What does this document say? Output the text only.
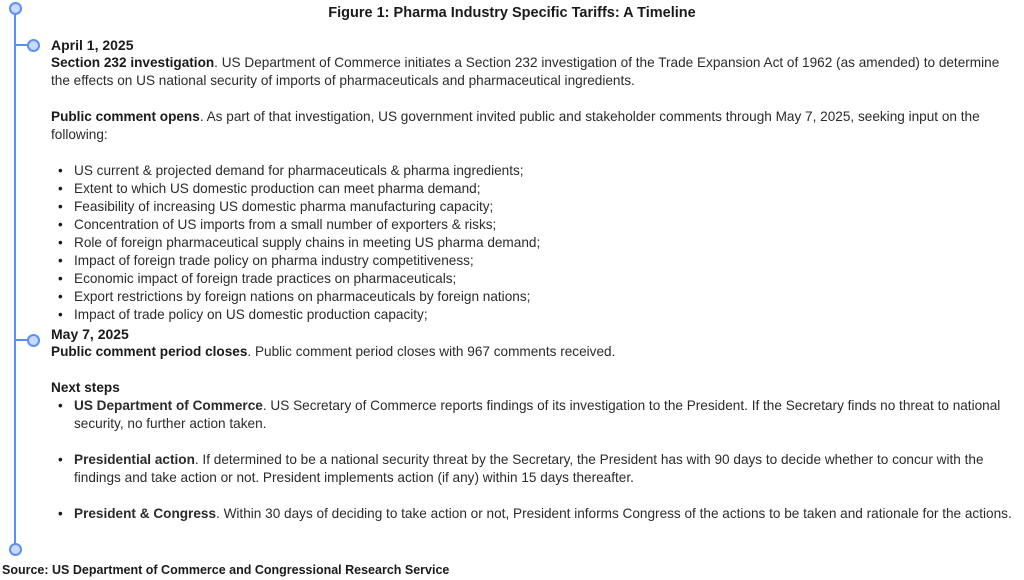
Figure 1: Pharma Industry Specific Tariffs: A Timeline
April 1, 2025

Section 232 investigation. US Department of Commerce initiates a Section 232 investigation of the Trade Expansion Act of 1962 (as amended) to determine the effects on US national security of imports of pharmaceuticals and pharmaceutical ingredients.

Public comment opens. As part of that investigation, US government invited public and stakeholder comments through May 7, 2025, seeking input on the following:

• US current & projected demand for pharmaceuticals & pharma ingredients;
• Extent to which US domestic production can meet pharma demand;
• Feasibility of increasing US domestic pharma manufacturing capacity;
• Concentration of US imports from a small number of exporters & risks;
• Role of foreign pharmaceutical supply chains in meeting US pharma demand;
• Impact of foreign trade policy on pharma industry competitiveness;
• Economic impact of foreign trade practices on pharmaceuticals;
• Export restrictions by foreign nations on pharmaceuticals by foreign nations;
• Impact of trade policy on US domestic production capacity;
May 7, 2025

Public comment period closes. Public comment period closes with 967 comments received.

Next steps
• US Department of Commerce. US Secretary of Commerce reports findings of its investigation to the President. If the Secretary finds no threat to national security, no further action taken.
• Presidential action. If determined to be a national security threat by the Secretary, the President has with 90 days to decide whether to concur with the findings and take action or not. President implements action (if any) within 15 days thereafter.
• President & Congress. Within 30 days of deciding to take action or not, President informs Congress of the actions to be taken and rationale for the actions.
Source: US Department of Commerce and Congressional Research Service
